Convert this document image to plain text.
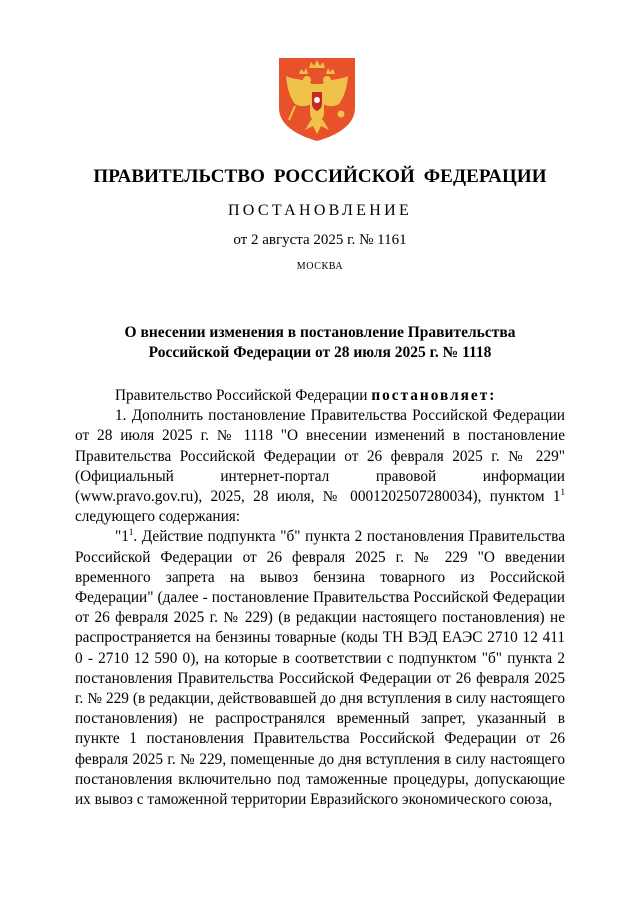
ПРАВИТЕЛЬСТВО РОССИЙСКОЙ ФЕДЕРАЦИИ
ПОСТАНОВЛЕНИЕ
от 2 августа 2025 г. № 1161
МОСКВА
О внесении изменения в постановление Правительства
Российской Федерации от 28 июля 2025 г. № 1118

Правительство Российской Федерации постановляет:

1. Дополнить постановление Правительства Российской Федерации от 28 июля 2025 г. № 1118 "О внесении изменений в постановление Правительства Российской Федерации от 26 февраля 2025 г. № 229" (Официальный интернет-портал правовой информации (www.pravo.gov.ru), 2025, 28 июля, № 0001202507280034), пунктом $1^1$ следующего содержания:

"$1^1$. Действие подпункта "б" пункта 2 постановления Правительства Российской Федерации от 26 февраля 2025 г. № 229 "О введении временного запрета на вывоз бензина товарного из Российской Федерации" (далее - постановление Правительства Российской Федерации от 26 февраля 2025 г. № 229) (в редакции настоящего постановления) не распространяется на бензины товарные (коды ТН ВЭД ЕАЭС 2710 12 411 0 - 2710 12 590 0), на которые в соответствии с подпунктом "б" пункта 2 постановления Правительства Российской Федерации от 26 февраля 2025 г. № 229 (в редакции, действовавшей до дня вступления в силу настоящего постановления) не распространялся временный запрет, указанный в пункте 1 постановления Правительства Российской Федерации от 26 февраля 2025 г. № 229, помещенные до дня вступления в силу настоящего постановления включительно под таможенные процедуры, допускающие их вывоз с таможенной территории Евразийского экономического союза,
